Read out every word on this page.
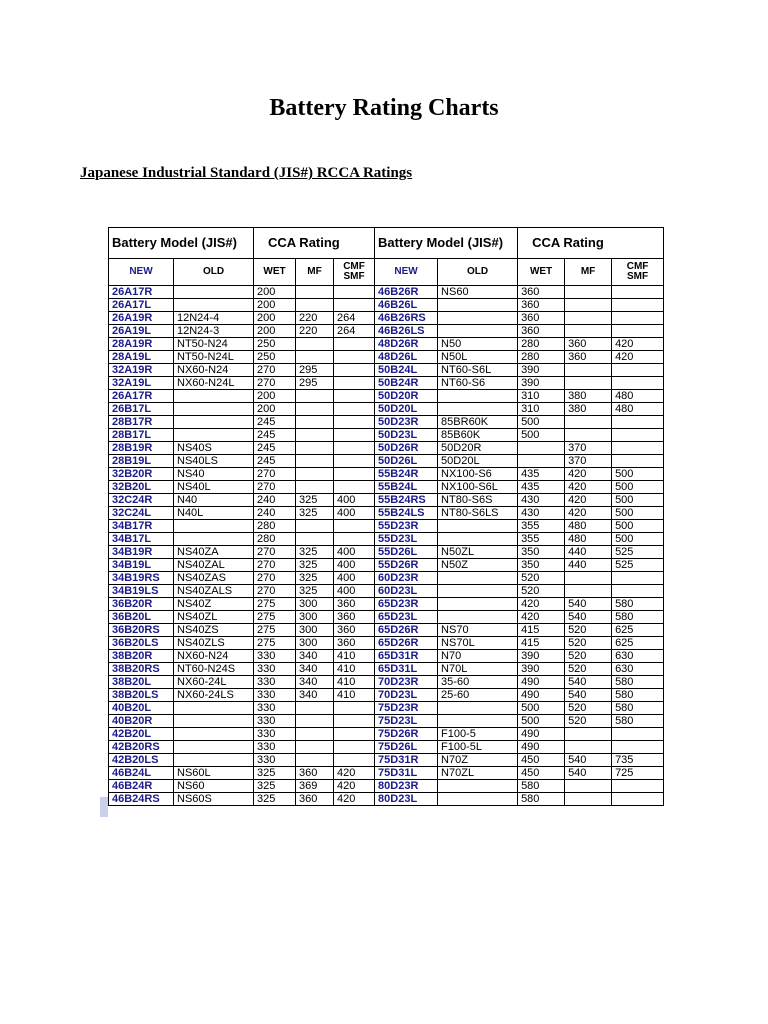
Battery Rating Charts
Japanese Industrial Standard (JIS#) RCCA Ratings
Battery Model (JIS#)		CCA Rating			Battery Model (JIS#)		CCA Rating		
NEW	OLD	WET	MF	CMF SMF	NEW	OLD	WET	MF	CMF SMF
26A17R		200			46B26R	NS60	360		
26A17L		200			46B26L		360		
26A19R	12N24-4	200	220	264	46B26RS		360		
26A19L	12N24-3	200	220	264	46B26LS		360		
28A19R	NT50-N24	250			48D26R	N50	280	360	420
28A19L	NT50-N24L	250			48D26L	N50L	280	360	420
32A19R	NX60-N24	270	295		50B24L	NT60-S6L	390		
32A19L	NX60-N24L	270	295		50B24R	NT60-S6	390		
26A17R		200			50D20R		310	380	480
26B17L		200			50D20L		310	380	480
28B17R		245			50D23R	85BR60K	500		
28B17L		245			50D23L	85B60K	500		
28B19R	NS40S	245			50D26R	50D20R		370	
28B19L	NS40LS	245			50D26L	50D20L		370	
32B20R	NS40	270			55B24R	NX100-S6	435	420	500
32B20L	NS40L	270			55B24L	NX100-S6L	435	420	500
32C24R	N40	240	325	400	55B24RS	NT80-S6S	430	420	500
32C24L	N40L	240	325	400	55B24LS	NT80-S6LS	430	420	500
34B17R		280			55D23R		355	480	500
34B17L		280			55D23L		355	480	500
34B19R	NS40ZA	270	325	400	55D26L	N50ZL	350	440	525
34B19L	NS40ZAL	270	325	400	55D26R	N50Z	350	440	525
34B19RS	NS40ZAS	270	325	400	60D23R		520		
34B19LS	NS40ZALS	270	325	400	60D23L		520		
36B20R	NS40Z	275	300	360	65D23R		420	540	580
36B20L	NS40ZL	275	300	360	65D23L		420	540	580
36B20RS	NS40ZS	275	300	360	65D26R	NS70	415	520	625
36B20LS	NS40ZLS	275	300	360	65D26R	NS70L	415	520	625
38B20R	NX60-N24	330	340	410	65D31R	N70	390	520	630
38B20RS	NT60-N24S	330	340	410	65D31L	N70L	390	520	630
38B20L	NX60-24L	330	340	410	70D23R	35-60	490	540	580
38B20LS	NX60-24LS	330	340	410	70D23L	25-60	490	540	580
40B20L		330			75D23R		500	520	580
40B20R		330			75D23L		500	520	580
42B20L		330			75D26R	F100-5	490		
42B20RS		330			75D26L	F100-5L	490		
42B20LS		330			75D31R	N70Z	450	540	735
46B24L	NS60L	325	360	420	75D31L	N70ZL	450	540	725
46B24R	NS60	325	369	420	80D23R		580		
46B24RS	NS60S	325	360	420	80D23L		580		
